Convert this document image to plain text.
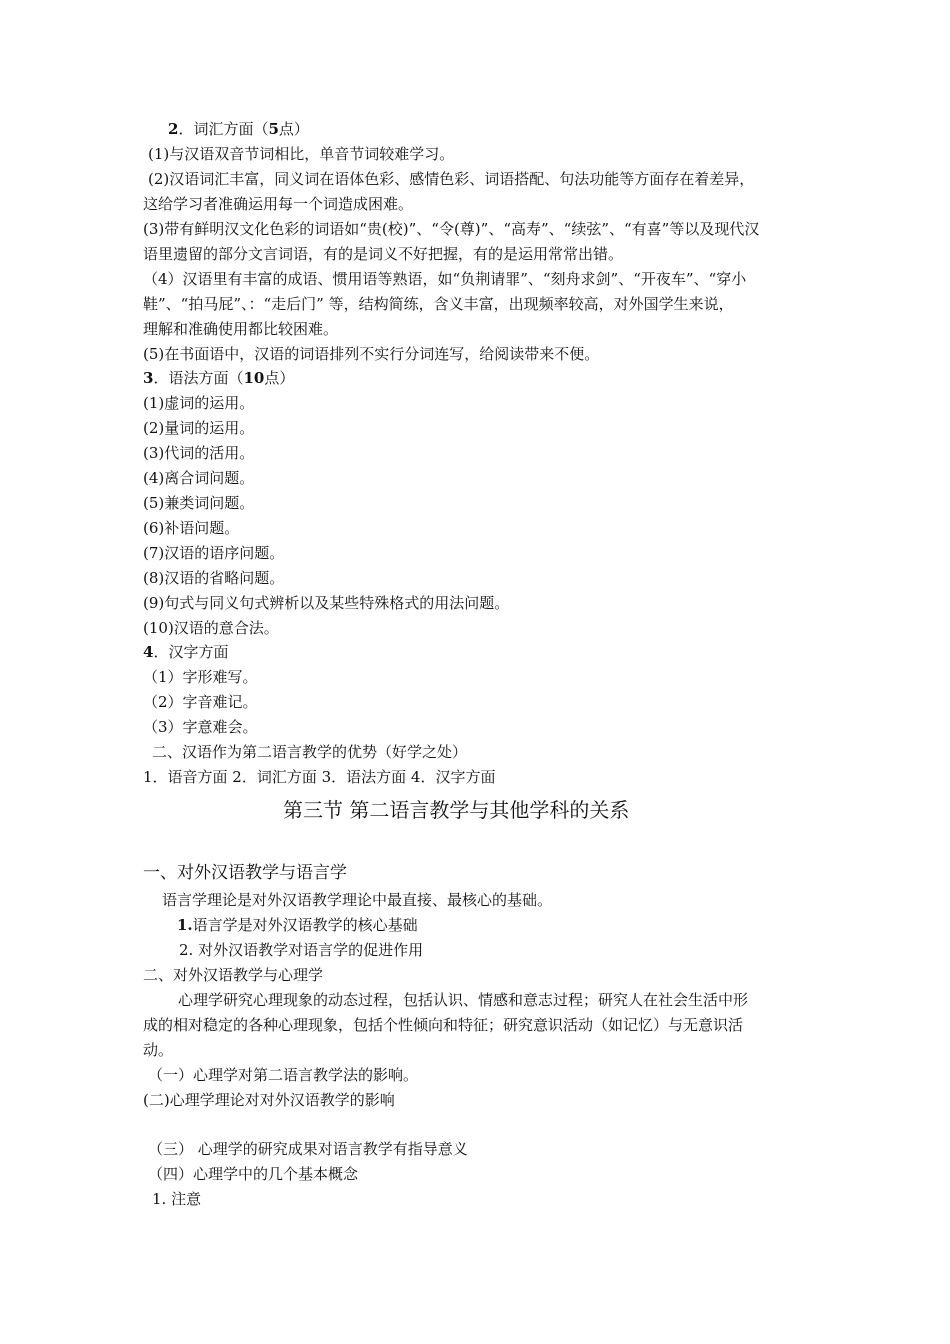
2．词汇方面（5点）
(1)与汉语双音节词相比，单音节词较难学习。
(2)汉语词汇丰富，同义词在语体色彩、感情色彩、词语搭配、句法功能等方面存在着差异，
这给学习者准确运用每一个词造成困难。
(3)带有鲜明汉文化色彩的词语如“贵(校)”、“令(尊)”、“高寿”、“续弦”、“有喜”等以及现代汉
语里遗留的部分文言词语，有的是词义不好把握，有的是运用常常出错。
（4）汉语里有丰富的成语、惯用语等熟语，如“负荆请罪”、“刻舟求剑”、“开夜车”、“穿小
鞋”、“拍马屁”、：“走后门” 等，结构简练，含义丰富，出现频率较高，对外国学生来说，
理解和准确使用都比较困难。
(5)在书面语中，汉语的词语排列不实行分词连写，给阅读带来不便。
3．语法方面（10点）
(1)虚词的运用。
(2)量词的运用。
(3)代词的活用。
(4)离合词问题。
(5)兼类词问题。
(6)补语问题。
(7)汉语的语序问题。
(8)汉语的省略问题。
(9)句式与同义句式辨析以及某些特殊格式的用法问题。
(10)汉语的意合法。
4．汉字方面
（1）字形难写。
（2）字音难记。
（3）字意难会。
二、汉语作为第二语言教学的优势（好学之处）
1．语音方面 2．词汇方面 3．语法方面 4．汉字方面
第三节 第二语言教学与其他学科的关系
一、对外汉语教学与语言学
语言学理论是对外汉语教学理论中最直接、最核心的基础。
1.语言学是对外汉语教学的核心基础
2. 对外汉语教学对语言学的促进作用
二、对外汉语教学与心理学
心理学研究心理现象的动态过程，包括认识、情感和意志过程；研究人在社会生活中形
成的相对稳定的各种心理现象，包括个性倾向和特征；研究意识活动（如记忆）与无意识活
动。
（一）心理学对第二语言教学法的影响。
(二)心理学理论对对外汉语教学的影响
（三） 心理学的研究成果对语言教学有指导意义
（四）心理学中的几个基本概念
1. 注意
